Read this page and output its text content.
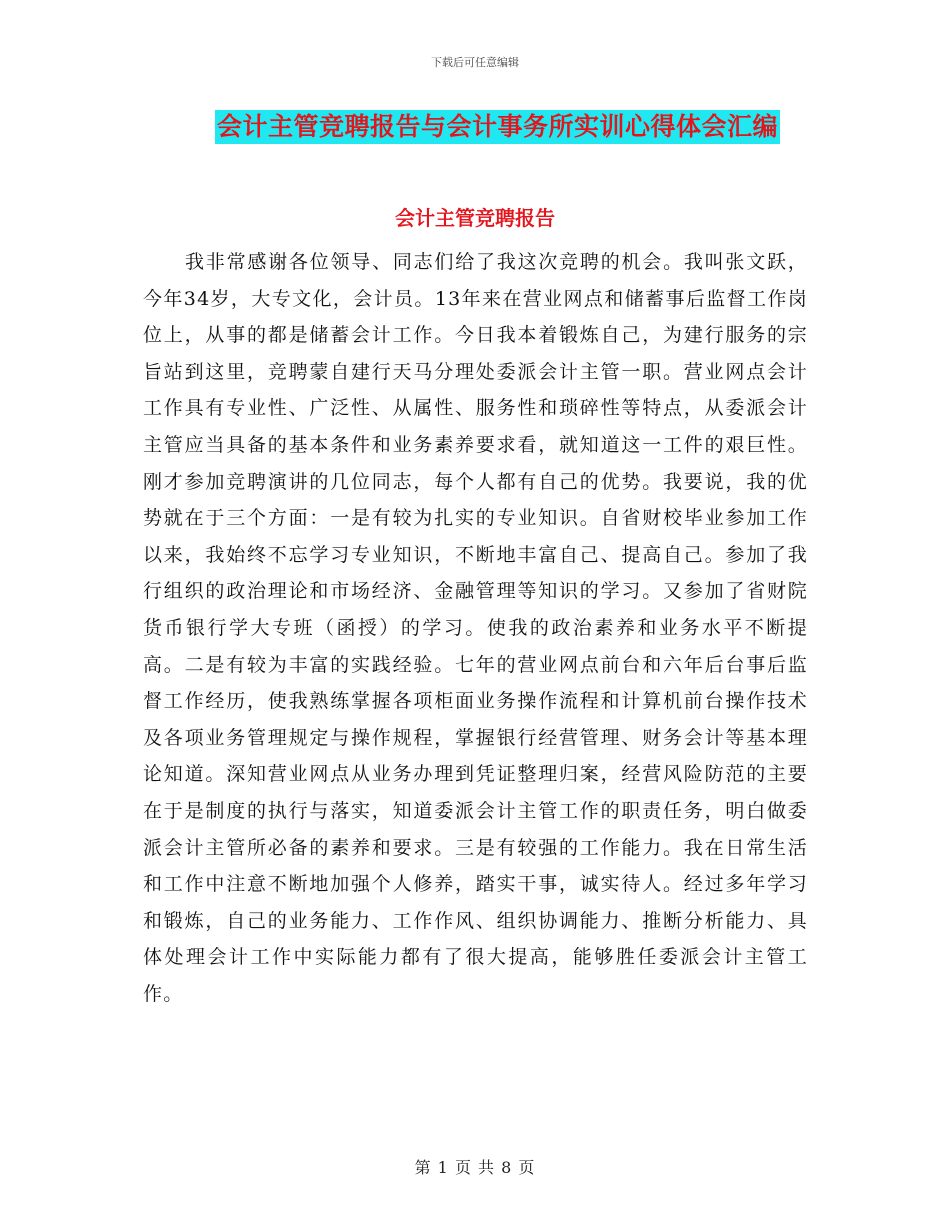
下载后可任意编辑
会计主管竞聘报告与会计事务所实训心得体会汇编
会计主管竞聘报告

我非常感谢各位领导、同志们给了我这次竞聘的机会。我叫张文跃，今年34岁，大专文化，会计员。13年来在营业网点和储蓄事后监督工作岗位上，从事的都是储蓄会计工作。今日我本着锻炼自己，为建行服务的宗旨站到这里，竞聘蒙自建行天马分理处委派会计主管一职。营业网点会计工作具有专业性、广泛性、从属性、服务性和琐碎性等特点，从委派会计主管应当具备的基本条件和业务素养要求看，就知道这一工件的艰巨性。刚才参加竞聘演讲的几位同志，每个人都有自己的优势。我要说，我的优势就在于三个方面：一是有较为扎实的专业知识。自省财校毕业参加工作以来，我始终不忘学习专业知识，不断地丰富自己、提高自己。参加了我行组织的政治理论和市场经济、金融管理等知识的学习。又参加了省财院货币银行学大专班（函授）的学习。使我的政治素养和业务水平不断提高。二是有较为丰富的实践经验。七年的营业网点前台和六年后台事后监督工作经历，使我熟练掌握各项柜面业务操作流程和计算机前台操作技术及各项业务管理规定与操作规程，掌握银行经营管理、财务会计等基本理论知道。深知营业网点从业务办理到凭证整理归案，经营风险防范的主要在于是制度的执行与落实，知道委派会计主管工作的职责任务，明白做委派会计主管所必备的素养和要求。三是有较强的工作能力。我在日常生活和工作中注意不断地加强个人修养，踏实干事，诚实待人。经过多年学习和锻炼，自己的业务能力、工作作风、组织协调能力、推断分析能力、具体处理会计工作中实际能力都有了很大提高，能够胜任委派会计主管工作。

第 1 页 共 8 页
